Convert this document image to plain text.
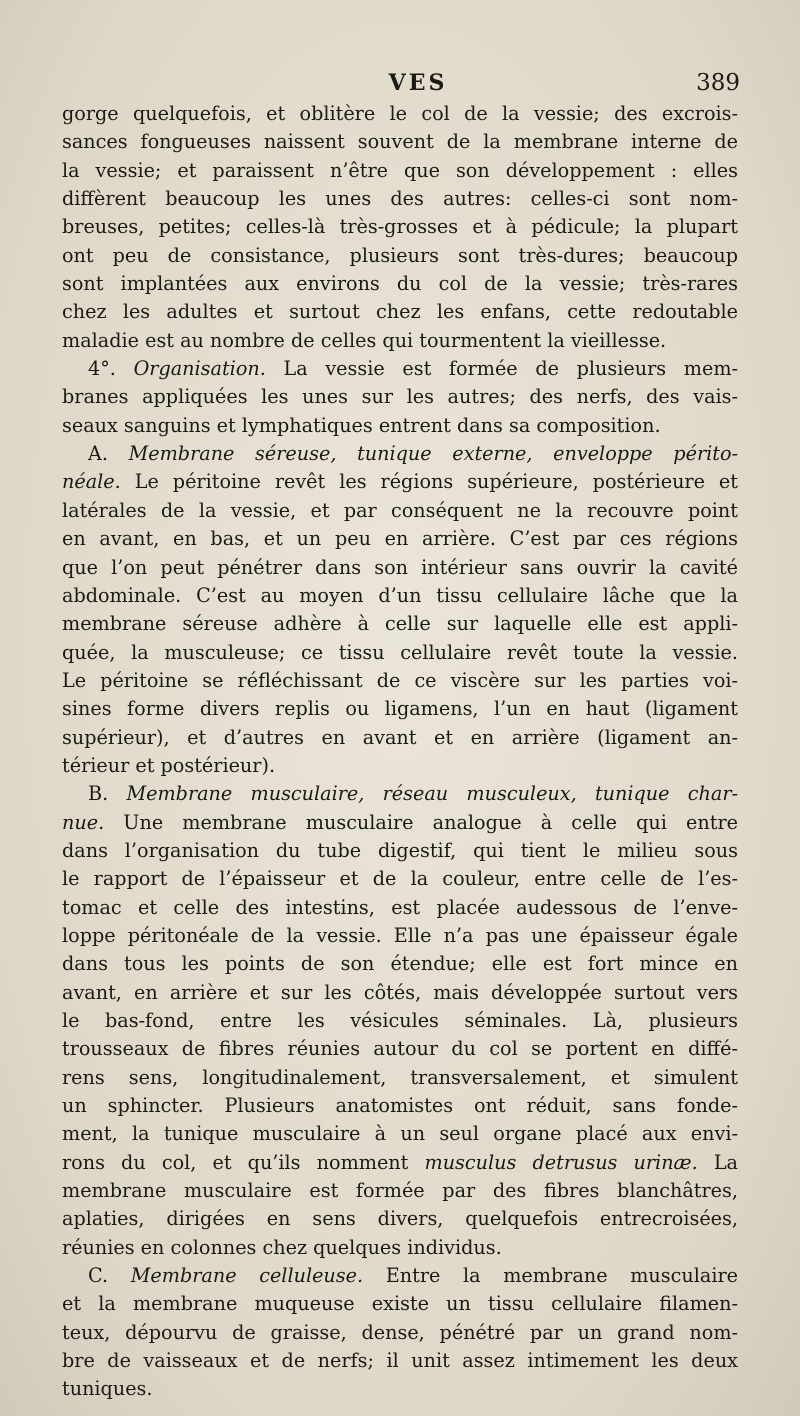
VES	389
gorge quelquefois, et oblitère le col de la vessie; des excrois-
sances fongueuses naissent souvent de la membrane interne de
la vessie; et paraissent n’être que son développement : elles
diffèrent beaucoup les unes des autres: celles-ci sont nom-
breuses, petites; celles-là très-grosses et à pédicule; la plupart
ont peu de consistance, plusieurs sont très-dures; beaucoup
sont implantées aux environs du col de la vessie; très-rares
chez les adultes et surtout chez les enfans, cette redoutable
maladie est au nombre de celles qui tourmentent la vieillesse.
4°. Organisation. La vessie est formée de plusieurs mem-
branes appliquées les unes sur les autres; des nerfs, des vais-
seaux sanguins et lymphatiques entrent dans sa composition.
A. Membrane séreuse, tunique externe, enveloppe périto-
néale. Le péritoine revêt les régions supérieure, postérieure et
latérales de la vessie, et par conséquent ne la recouvre point
en avant, en bas, et un peu en arrière. C’est par ces régions
que l’on peut pénétrer dans son intérieur sans ouvrir la cavité
abdominale. C’est au moyen d’un tissu cellulaire lâche que la
membrane séreuse adhère à celle sur laquelle elle est appli-
quée, la musculeuse; ce tissu cellulaire revêt toute la vessie.
Le péritoine se réfléchissant de ce viscère sur les parties voi-
sines forme divers replis ou ligamens, l’un en haut (ligament
supérieur), et d’autres en avant et en arrière (ligament an-
térieur et postérieur).
B. Membrane musculaire, réseau musculeux, tunique char-
nue. Une membrane musculaire analogue à celle qui entre
dans l’organisation du tube digestif, qui tient le milieu sous
le rapport de l’épaisseur et de la couleur, entre celle de l’es-
tomac et celle des intestins, est placée audessous de l’enve-
loppe péritonéale de la vessie. Elle n’a pas une épaisseur égale
dans tous les points de son étendue; elle est fort mince en
avant, en arrière et sur les côtés, mais développée surtout vers
le bas-fond, entre les vésicules séminales. Là, plusieurs
trousseaux de fibres réunies autour du col se portent en diffé-
rens sens, longitudinalement, transversalement, et simulent
un sphincter. Plusieurs anatomistes ont réduit, sans fonde-
ment, la tunique musculaire à un seul organe placé aux envi-
rons du col, et qu’ils nomment musculus detrusus urinæ. La
membrane musculaire est formée par des fibres blanchâtres,
aplaties, dirigées en sens divers, quelquefois entrecroisées,
réunies en colonnes chez quelques individus.
C. Membrane celluleuse. Entre la membrane musculaire
et la membrane muqueuse existe un tissu cellulaire filamen-
teux, dépourvu de graisse, dense, pénétré par un grand nom-
bre de vaisseaux et de nerfs; il unit assez intimement les deux
tuniques.
